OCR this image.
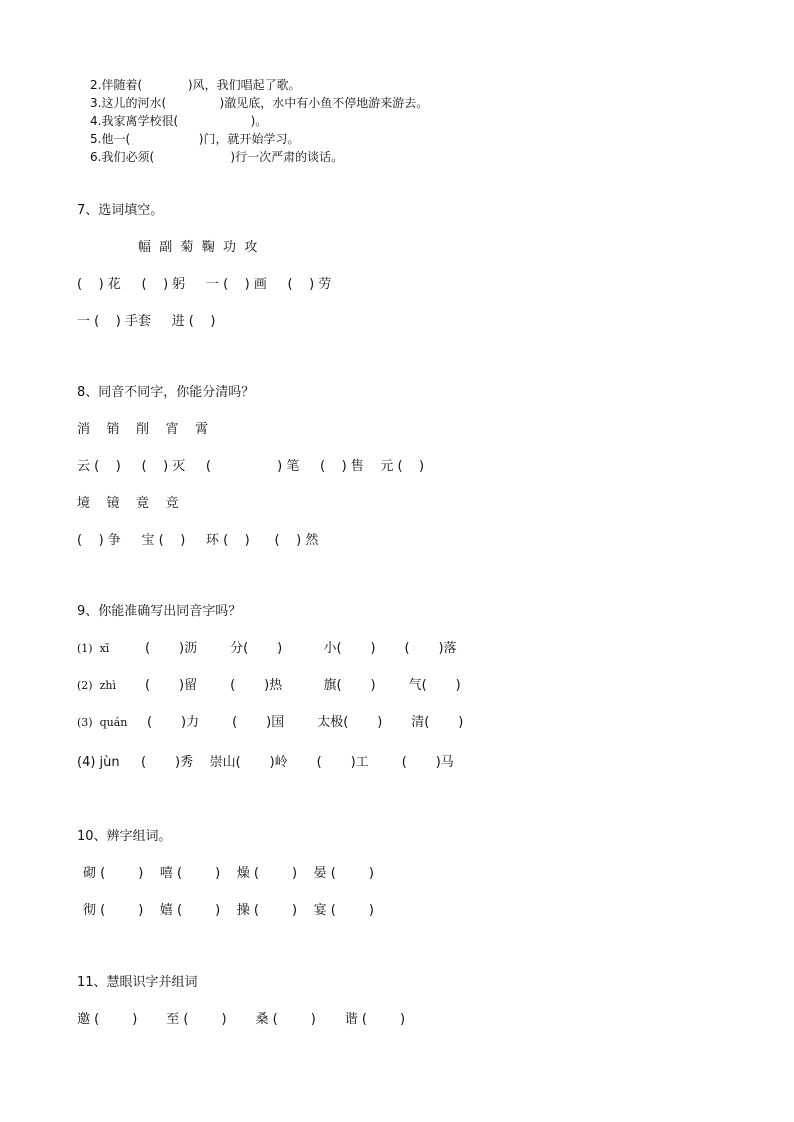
2.伴随着(            )风，我们唱起了歌。
3.这儿的河水(              )澈见底，水中有小鱼不停地游来游去。
4.我家离学校很(                   )。
5.他一(                  )门，就开始学习。
6.我们必须(                    )行一次严肃的谈话。
7、选词填空。
幅  副  菊  鞠  功  攻
(    ) 花     (    ) 躬     一 (    ) 画     (    ) 劳
一 (    ) 手套     进 (    )
8、同音不同字，你能分清吗？
消    销    削    宵    霄
云 (    )     (    ) 灭     (                ) 笔     (    ) 售    元 (    )
境    镜    竟    竞
(    ) 争     宝 (    )     环 (    )      (    ) 然
9、你能准确写出同音字吗？
(1)  xī	(       )沥        分(       )          小(       )       (       )落
(2)  zhì (       )留        (       )热          旗(       )        气(       )
(3)  quán (       )力        (       )国        太极(       )       清(       )
(4) jùn (       )秀    崇山(       )岭       (       )工        (       )马
10、辨字组词。
砌 (        )    嘻 (        )    燥 (        )    晏 (        )
彻 (        )    嬉 (        )    操 (        )    宴 (        )
11、慧眼识字并组词
邀 (        )       至 (        )       桑 (        )       谐 (        )
